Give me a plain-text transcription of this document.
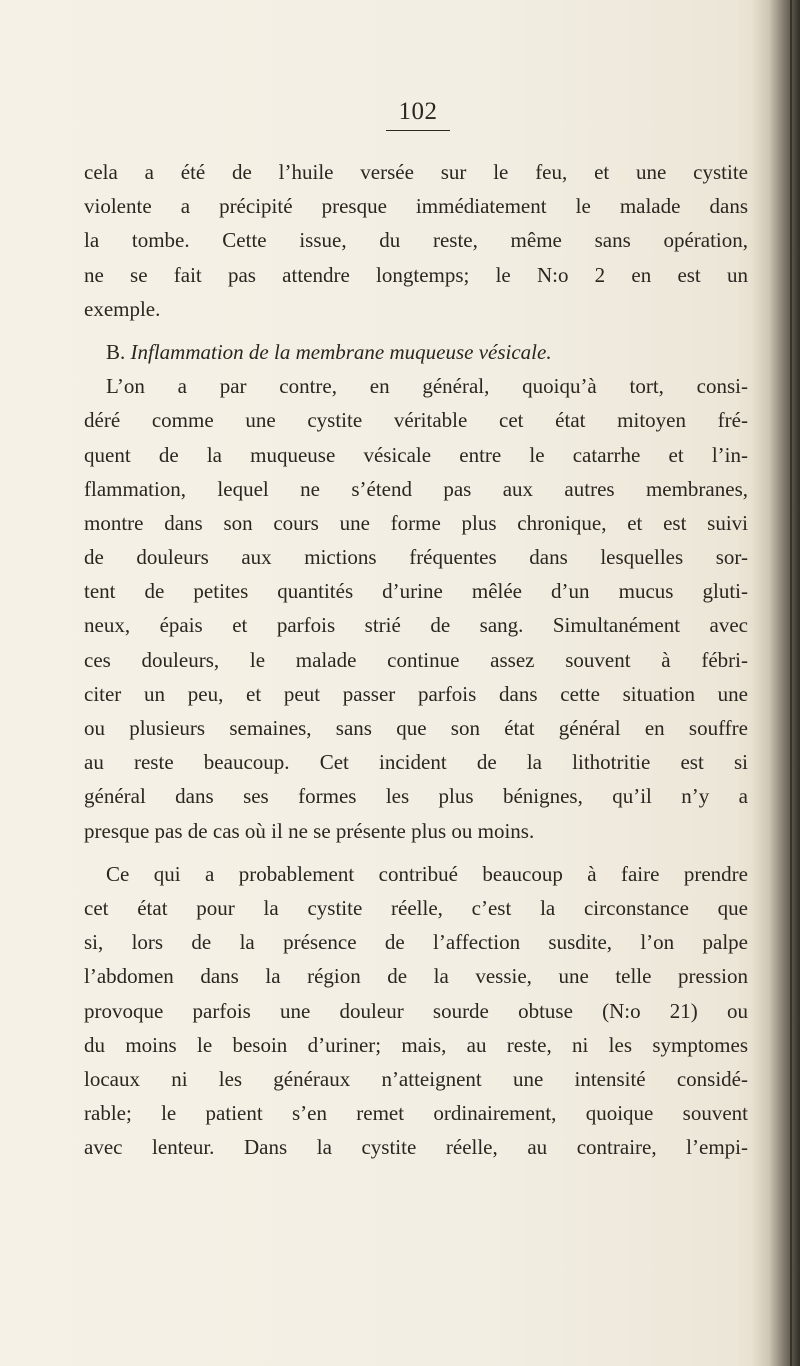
102
cela a été de l’huile versée sur le feu, et une cystite
violente a précipité presque immédiatement le malade dans
la tombe. Cette issue, du reste, même sans opération,
ne se fait pas attendre longtemps; le N:o 2 en est un
exemple.
B. Inflammation de la membrane muqueuse vésicale.
L’on a par contre, en général, quoiqu’à tort, consi-
déré comme une cystite véritable cet état mitoyen fré-
quent de la muqueuse vésicale entre le catarrhe et l’in-
flammation, lequel ne s’étend pas aux autres membranes,
montre dans son cours une forme plus chronique, et est suivi
de douleurs aux mictions fréquentes dans lesquelles sor-
tent de petites quantités d’urine mêlée d’un mucus gluti-
neux, épais et parfois strié de sang. Simultanément avec
ces douleurs, le malade continue assez souvent à fébri-
citer un peu, et peut passer parfois dans cette situation une
ou plusieurs semaines, sans que son état général en souffre
au reste beaucoup. Cet incident de la lithotritie est si
général dans ses formes les plus bénignes, qu’il n’y a
presque pas de cas où il ne se présente plus ou moins.
Ce qui a probablement contribué beaucoup à faire prendre
cet état pour la cystite réelle, c’est la circonstance que
si, lors de la présence de l’affection susdite, l’on palpe
l’abdomen dans la région de la vessie, une telle pression
provoque parfois une douleur sourde obtuse (N:o 21) ou
du moins le besoin d’uriner; mais, au reste, ni les symptomes
locaux ni les généraux n’atteignent une intensité considé-
rable; le patient s’en remet ordinairement, quoique souvent
avec lenteur. Dans la cystite réelle, au contraire, l’empi-
